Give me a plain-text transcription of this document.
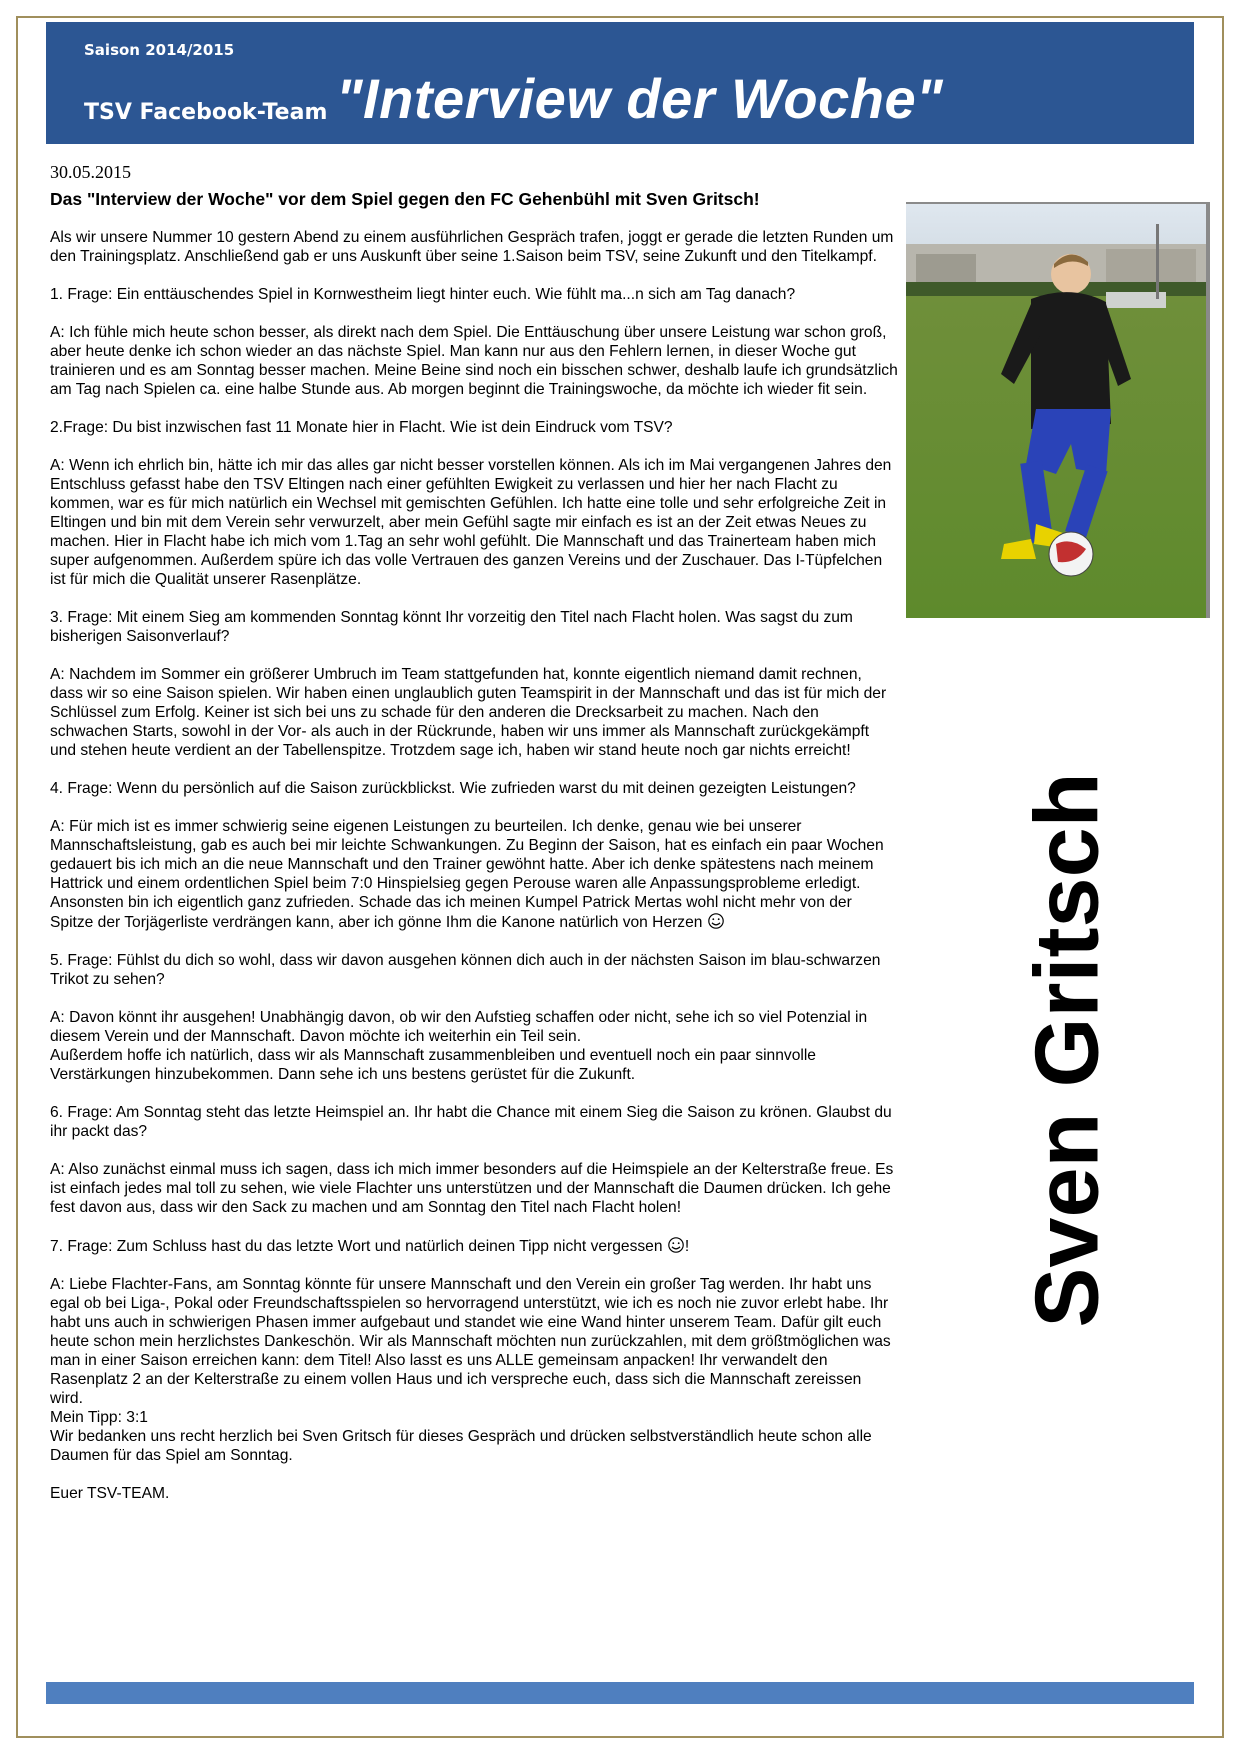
Saison 2014/2015
TSV Facebook-Team "Interview der Woche"
30.05.2015
Das "Interview der Woche" vor dem Spiel gegen den FC Gehenbühl mit Sven Gritsch!

Als wir unsere Nummer 10 gestern Abend zu einem ausführlichen Gespräch trafen, joggt er gerade die letzten Runden um den Trainingsplatz. Anschließend gab er uns Auskunft über seine 1.Saison beim TSV, seine Zukunft und den Titelkampf.

1. Frage: Ein enttäuschendes Spiel in Kornwestheim liegt hinter euch. Wie fühlt ma...n sich am Tag danach?

A: Ich fühle mich heute schon besser, als direkt nach dem Spiel. Die Enttäuschung über unsere Leistung war schon groß, aber heute denke ich schon wieder an das nächste Spiel. Man kann nur aus den Fehlern lernen, in dieser Woche gut trainieren und es am Sonntag besser machen. Meine Beine sind noch ein bisschen schwer, deshalb laufe ich grundsätzlich am Tag nach Spielen ca. eine halbe Stunde aus. Ab morgen beginnt die Trainingswoche, da möchte ich wieder fit sein.

2.Frage: Du bist inzwischen fast 11 Monate hier in Flacht. Wie ist dein Eindruck vom TSV?

A: Wenn ich ehrlich bin, hätte ich mir das alles gar nicht besser vorstellen können. Als ich im Mai vergangenen Jahres den Entschluss gefasst habe den TSV Eltingen nach einer gefühlten Ewigkeit zu verlassen und hier her nach Flacht zu kommen, war es für mich natürlich ein Wechsel mit gemischten Gefühlen. Ich hatte eine tolle und sehr erfolgreiche Zeit in Eltingen und bin mit dem Verein sehr verwurzelt, aber mein Gefühl sagte mir einfach es ist an der Zeit etwas Neues zu machen. Hier in Flacht habe ich mich vom 1.Tag an sehr wohl gefühlt. Die Mannschaft und das Trainerteam haben mich super aufgenommen. Außerdem spüre ich das volle Vertrauen des ganzen Vereins und der Zuschauer. Das I-Tüpfelchen ist für mich die Qualität unserer Rasenplätze.

3. Frage: Mit einem Sieg am kommenden Sonntag könnt Ihr vorzeitig den Titel nach Flacht holen. Was sagst du zum bisherigen Saisonverlauf?

A: Nachdem im Sommer ein größerer Umbruch im Team stattgefunden hat, konnte eigentlich niemand damit rechnen, dass wir so eine Saison spielen. Wir haben einen unglaublich guten Teamspirit in der Mannschaft und das ist für mich der Schlüssel zum Erfolg. Keiner ist sich bei uns zu schade für den anderen die Drecksarbeit zu machen. Nach den schwachen Starts, sowohl in der Vor- als auch in der Rückrunde, haben wir uns immer als Mannschaft zurückgekämpft und stehen heute verdient an der Tabellenspitze. Trotzdem sage ich, haben wir stand heute noch gar nichts erreicht!

4. Frage: Wenn du persönlich auf die Saison zurückblickst. Wie zufrieden warst du mit deinen gezeigten Leistungen?

A: Für mich ist es immer schwierig seine eigenen Leistungen zu beurteilen. Ich denke, genau wie bei unserer Mannschaftsleistung, gab es auch bei mir leichte Schwankungen. Zu Beginn der Saison, hat es einfach ein paar Wochen gedauert bis ich mich an die neue Mannschaft und den Trainer gewöhnt hatte. Aber ich denke spätestens nach meinem Hattrick und einem ordentlichen Spiel beim 7:0 Hinspielsieg gegen Perouse waren alle Anpassungsprobleme erledigt. Ansonsten bin ich eigentlich ganz zufrieden. Schade das ich meinen Kumpel Patrick Mertas wohl nicht mehr von der Spitze der Torjägerliste verdrängen kann, aber ich gönne Ihm die Kanone natürlich von Herzen

5. Frage: Fühlst du dich so wohl, dass wir davon ausgehen können dich auch in der nächsten Saison im blau-schwarzen Trikot zu sehen?

A: Davon könnt ihr ausgehen! Unabhängig davon, ob wir den Aufstieg schaffen oder nicht, sehe ich so viel Potenzial in diesem Verein und der Mannschaft. Davon möchte ich weiterhin ein Teil sein.

Außerdem hoffe ich natürlich, dass wir als Mannschaft zusammenbleiben und eventuell noch ein paar sinnvolle Verstärkungen hinzubekommen. Dann sehe ich uns bestens gerüstet für die Zukunft.

6. Frage: Am Sonntag steht das letzte Heimspiel an. Ihr habt die Chance mit einem Sieg die Saison zu krönen. Glaubst du ihr packt das?

A: Also zunächst einmal muss ich sagen, dass ich mich immer besonders auf die Heimspiele an der Kelterstraße freue. Es ist einfach jedes mal toll zu sehen, wie viele Flachter uns unterstützen und der Mannschaft die Daumen drücken. Ich gehe fest davon aus, dass wir den Sack zu machen und am Sonntag den Titel nach Flacht holen!

7. Frage: Zum Schluss hast du das letzte Wort und natürlich deinen Tipp nicht vergessen !

A: Liebe Flachter-Fans, am Sonntag könnte für unsere Mannschaft und den Verein ein großer Tag werden. Ihr habt uns egal ob bei Liga-, Pokal oder Freundschaftsspielen so hervorragend unterstützt, wie ich es noch nie zuvor erlebt habe. Ihr habt uns auch in schwierigen Phasen immer aufgebaut und standet wie eine Wand hinter unserem Team. Dafür gilt euch heute schon mein herzlichstes Dankeschön. Wir als Mannschaft möchten nun zurückzahlen, mit dem größtmöglichen was man in einer Saison erreichen kann: dem Titel! Also lasst es uns ALLE gemeinsam anpacken! Ihr verwandelt den Rasenplatz 2 an der Kelterstraße zu einem vollen Haus und ich verspreche euch, dass sich die Mannschaft zereissen wird.

Mein Tipp: 3:1

Wir bedanken uns recht herzlich bei Sven Gritsch für dieses Gespräch und drücken selbstverständlich heute schon alle Daumen für das Spiel am Sonntag.

Euer TSV-TEAM.

Sven Gritsch
